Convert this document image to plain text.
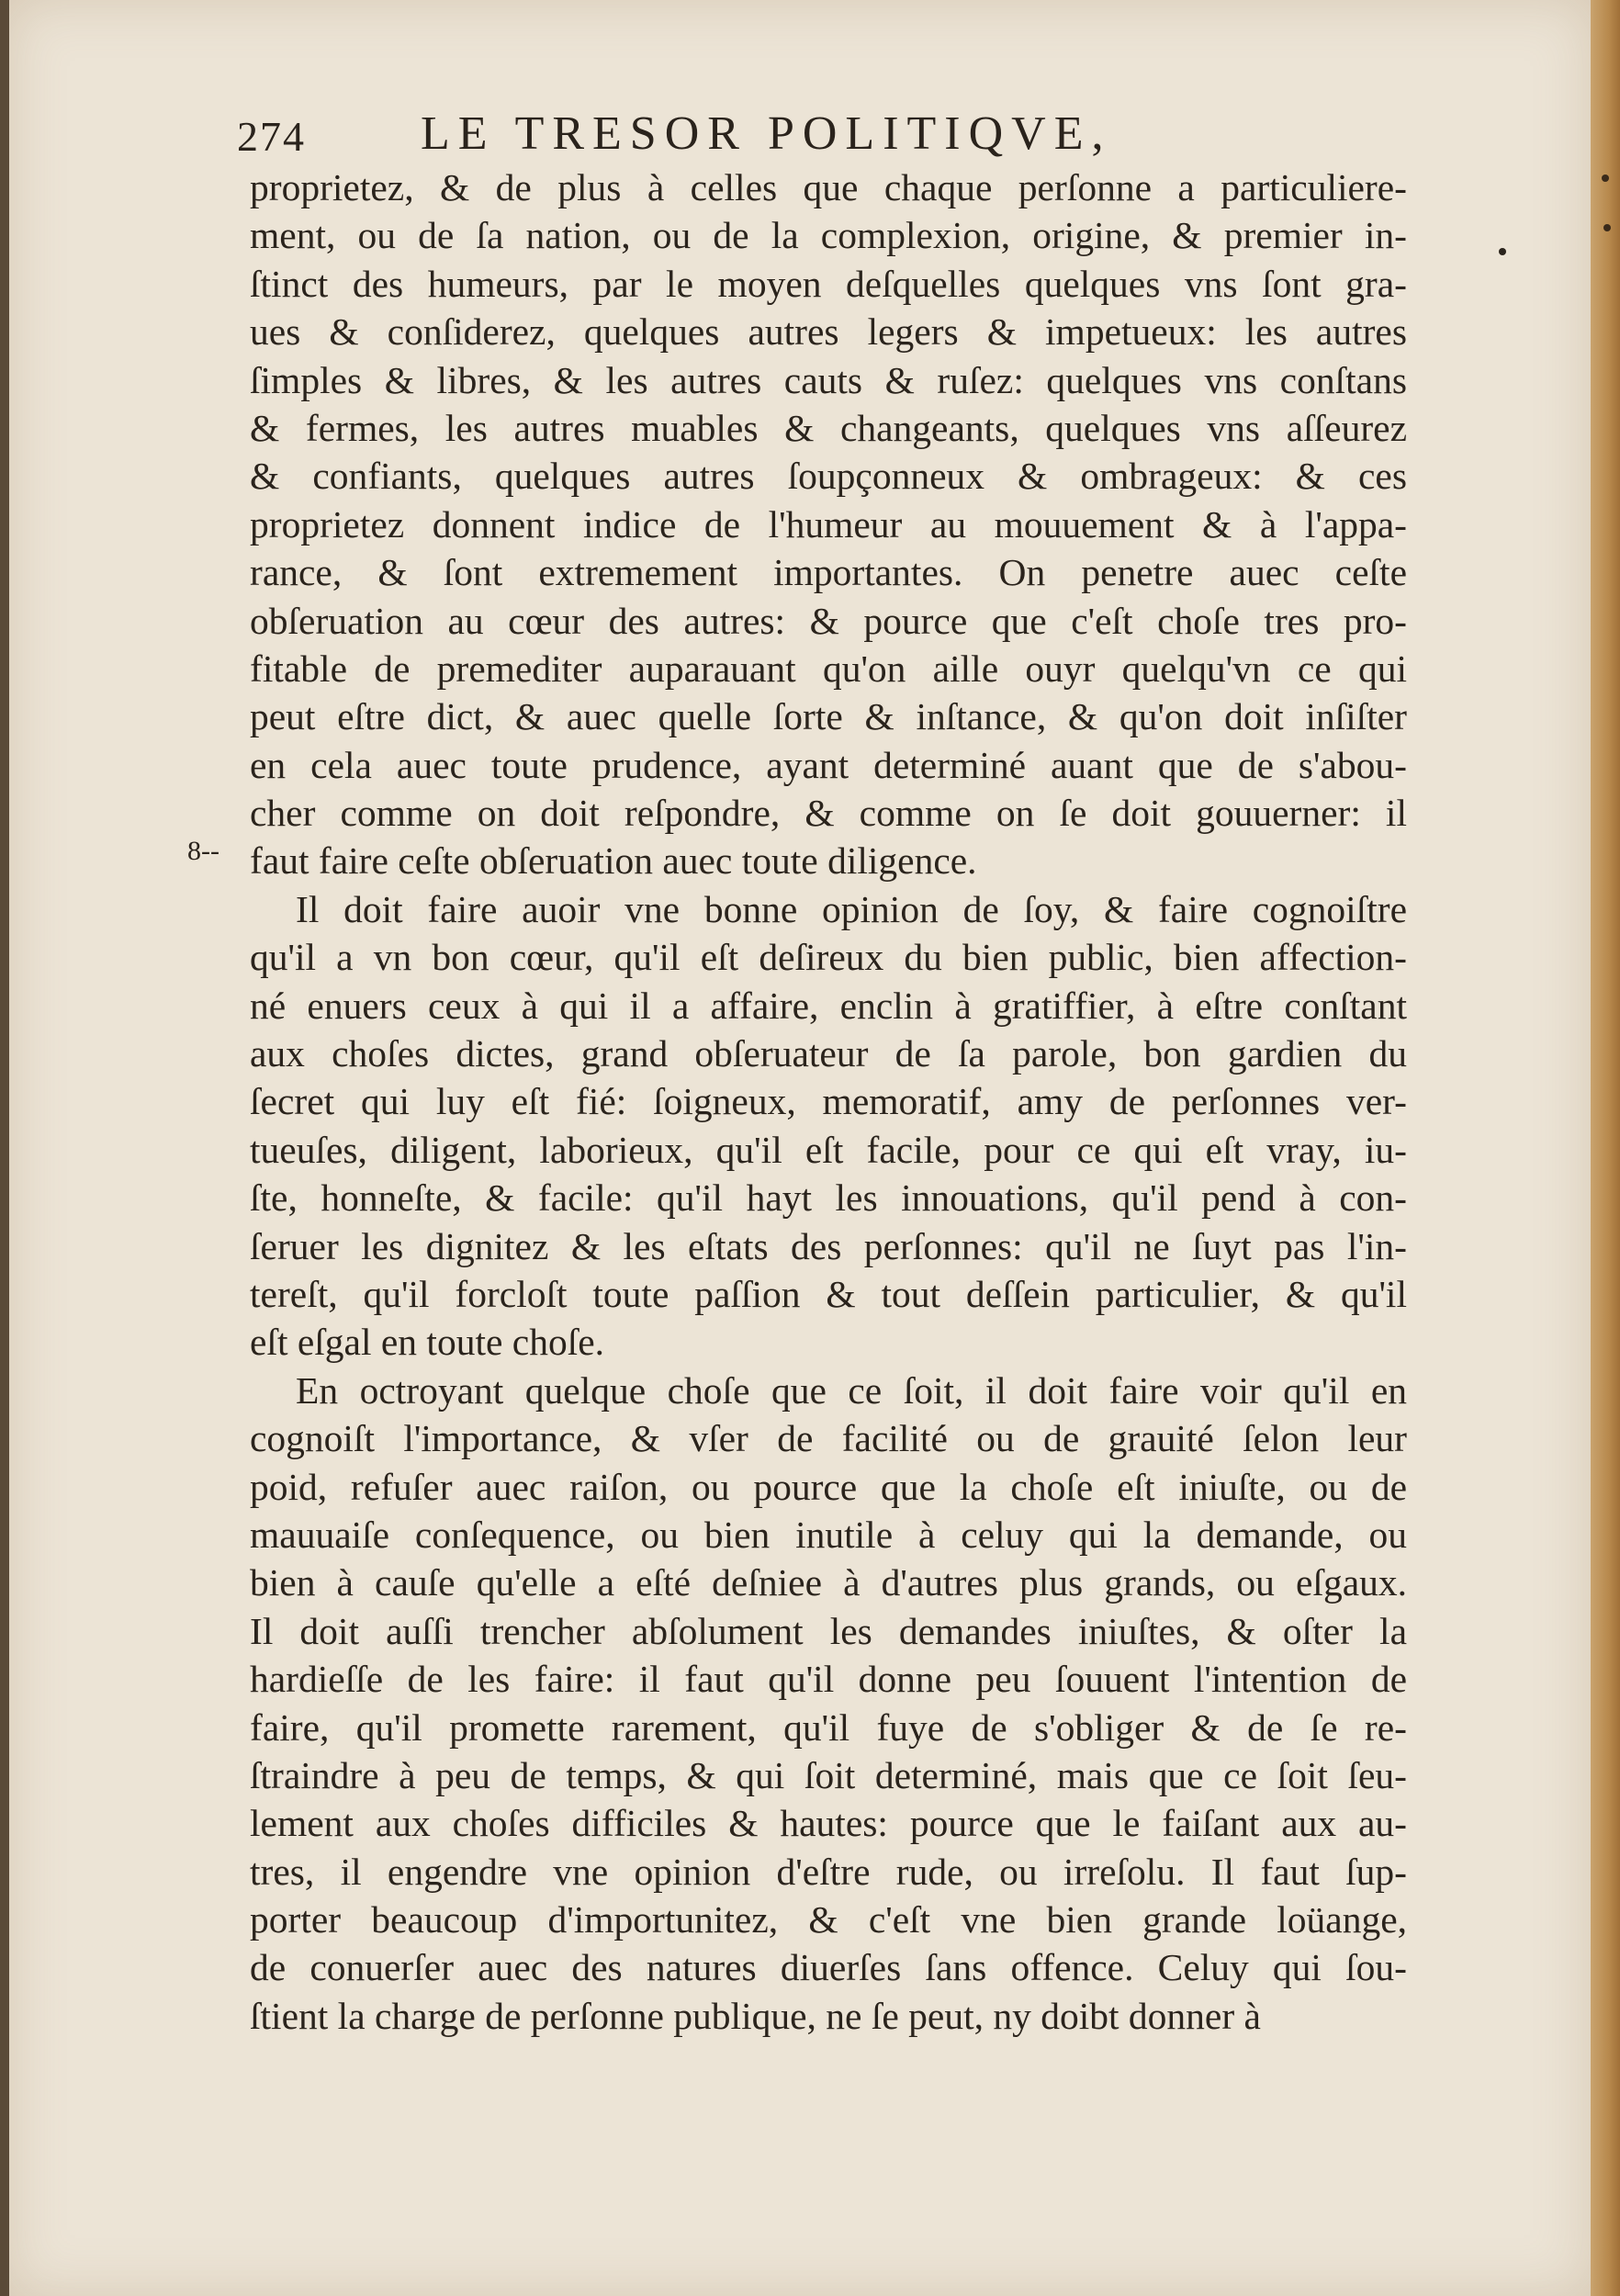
274 LE TRESOR POLITIQVE,
8--
proprietez, & de plus à celles que chaque perſonne a particuliere-
ment, ou de ſa nation, ou de la complexion, origine, & premier in-
ſtinct des humeurs, par le moyen deſquelles quelques vns ſont gra-
ues & conſiderez, quelques autres legers & impetueux: les autres
ſimples & libres, & les autres cauts & ruſez: quelques vns conſtans
& fermes, les autres muables & changeants, quelques vns aſſeurez
& confiants, quelques autres ſoupçonneux & ombrageux: & ces
proprietez donnent indice de l'humeur au mouuement & à l'appa-
rance, & ſont extremement importantes. On penetre auec ceſte
obſeruation au cœur des autres: & pource que c'eſt choſe tres pro-
fitable de premediter auparauant qu'on aille ouyr quelqu'vn ce qui
peut eſtre dict, & auec quelle ſorte & inſtance, & qu'on doit inſiſter
en cela auec toute prudence, ayant determiné auant que de s'abou-
cher comme on doit reſpondre, & comme on ſe doit gouuerner: il
faut faire ceſte obſeruation auec toute diligence.
Il doit faire auoir vne bonne opinion de ſoy, & faire cognoiſtre
qu'il a vn bon cœur, qu'il eſt deſireux du bien public, bien affection-
né enuers ceux à qui il a affaire, enclin à gratiffier, à eſtre conſtant
aux choſes dictes, grand obſeruateur de ſa parole, bon gardien du
ſecret qui luy eſt fié: ſoigneux, memoratif, amy de perſonnes ver-
tueuſes, diligent, laborieux, qu'il eſt facile, pour ce qui eſt vray, iu-
ſte, honneſte, & facile: qu'il hayt les innouations, qu'il pend à con-
ſeruer les dignitez & les eſtats des perſonnes: qu'il ne ſuyt pas l'in-
tereſt, qu'il forcloſt toute paſſion & tout deſſein particulier, & qu'il
eſt eſgal en toute choſe.
En octroyant quelque choſe que ce ſoit, il doit faire voir qu'il en
cognoiſt l'importance, & vſer de facilité ou de grauité ſelon leur
poid, refuſer auec raiſon, ou pource que la choſe eſt iniuſte, ou de
mauuaiſe conſequence, ou bien inutile à celuy qui la demande, ou
bien à cauſe qu'elle a eſté deſniee à d'autres plus grands, ou eſgaux.
Il doit auſſi trencher abſolument les demandes iniuſtes, & oſter la
hardieſſe de les faire: il faut qu'il donne peu ſouuent l'intention de
faire, qu'il promette rarement, qu'il fuye de s'obliger & de ſe re-
ſtraindre à peu de temps, & qui ſoit determiné, mais que ce ſoit ſeu-
lement aux choſes difficiles & hautes: pource que le faiſant aux au-
tres, il engendre vne opinion d'eſtre rude, ou irreſolu. Il faut ſup-
porter beaucoup d'importunitez, & c'eſt vne bien grande loüange,
de conuerſer auec des natures diuerſes ſans offence. Celuy qui ſou-
ſtient la charge de perſonne publique, ne ſe peut, ny doibt donner à
